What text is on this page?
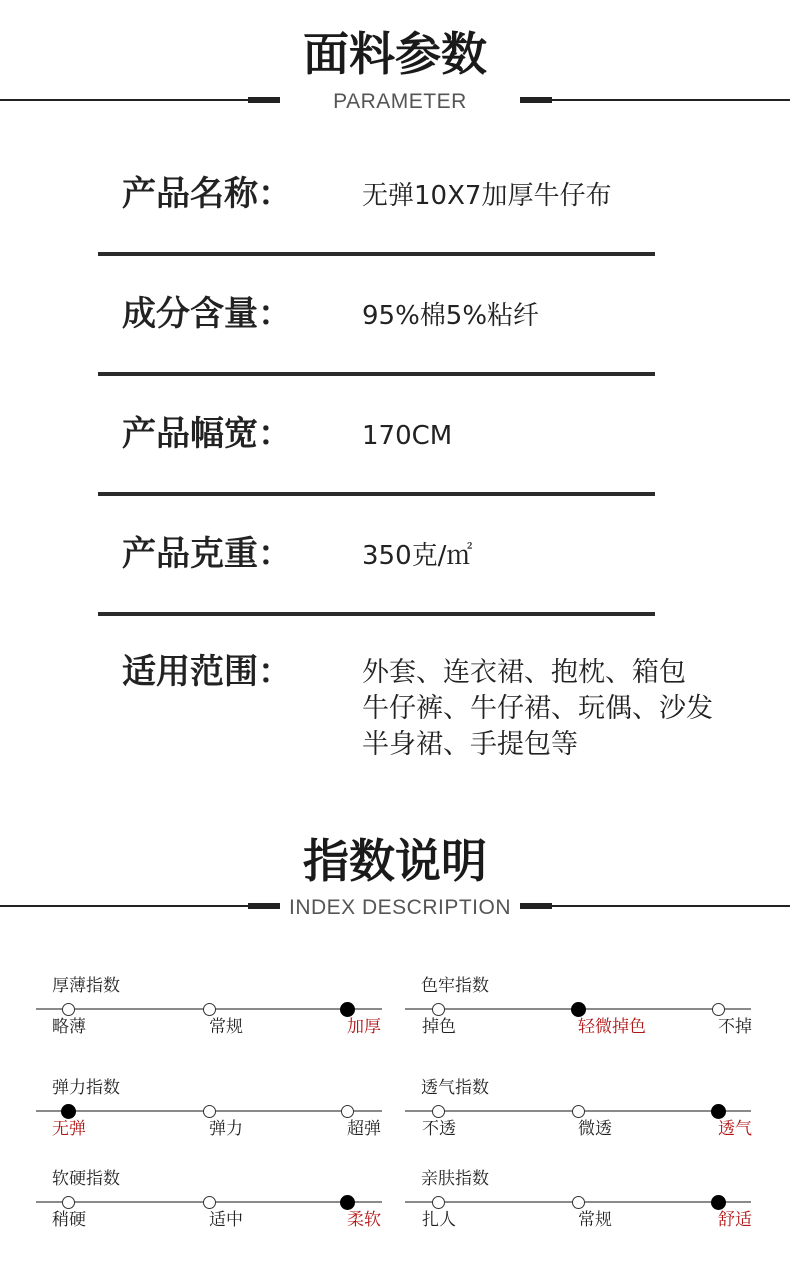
面料参数
PARAMETER
产品名称：	无弹10X7加厚牛仔布
成分含量：	95%棉5%粘纤
产品幅宽：	170CM
产品克重：	350克/㎡
适用范围：	外套、连衣裙、抱枕、箱包
牛仔裤、牛仔裙、玩偶、沙发
半身裙、手提包等
指数说明
INDEX DESCRIPTION
厚薄指数
略薄	常规	加厚
色牢指数
掉色	轻微掉色	不掉
弹力指数
无弹	弹力	超弹
透气指数
不透	微透	透气
软硬指数
稍硬	适中	柔软
亲肤指数
扎人	常规	舒适
